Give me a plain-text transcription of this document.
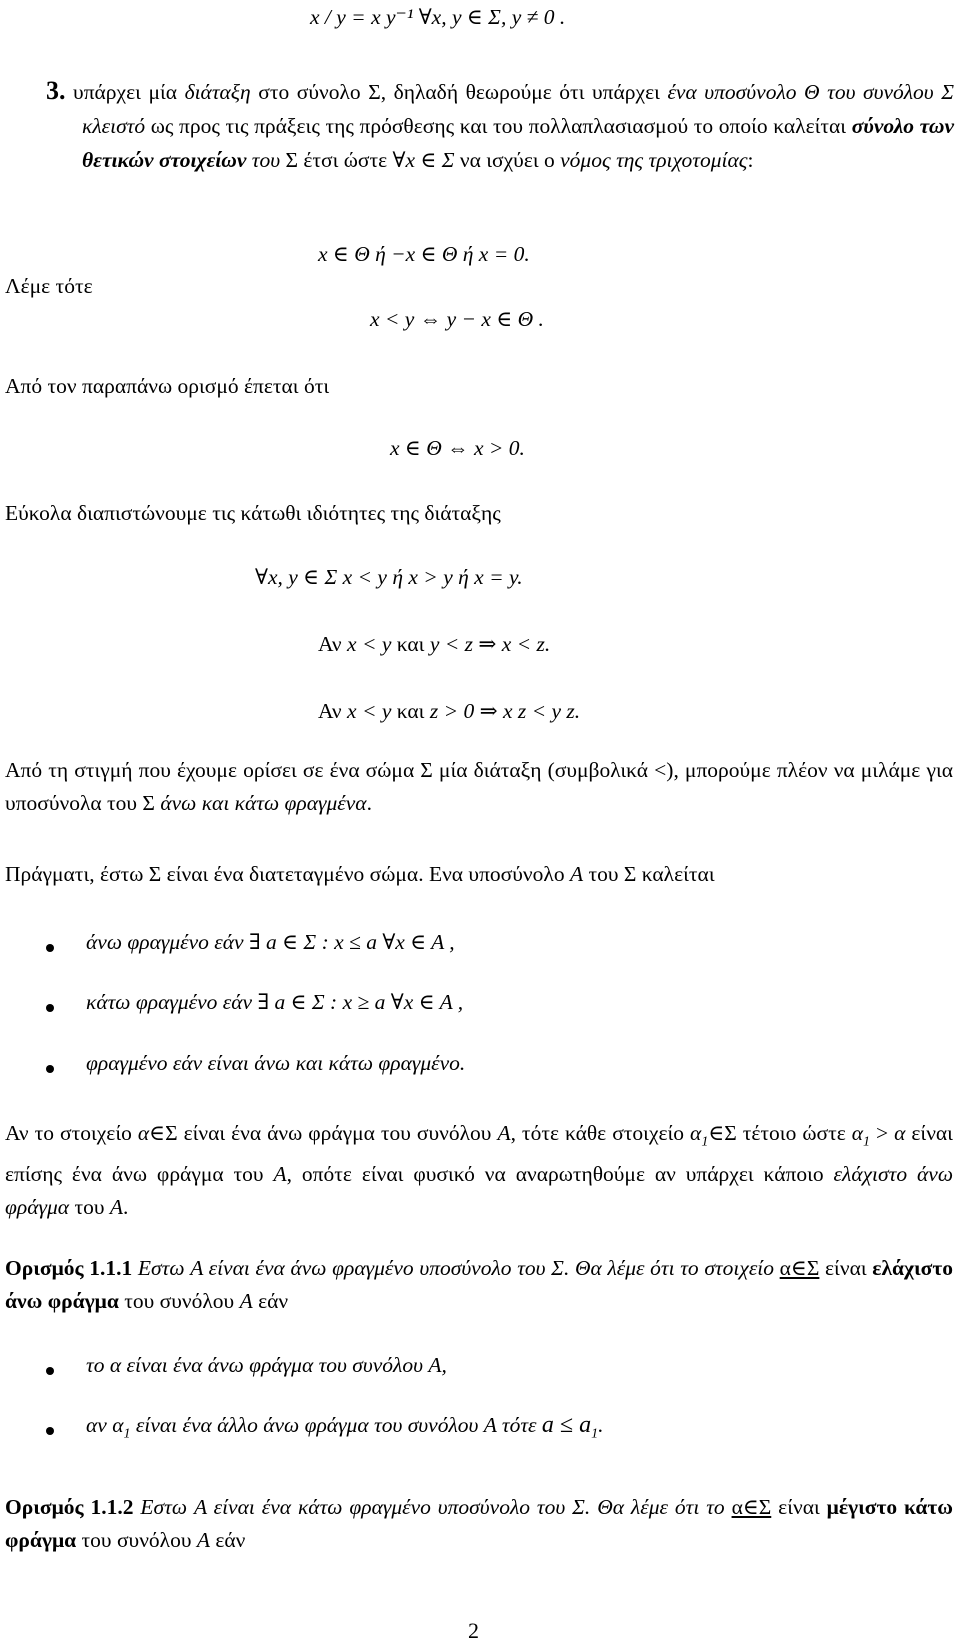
x / y = x y⁻¹ ∀x, y ∈ Σ, y ≠ 0 .
3. υπάρχει μία διάταξη στο σύνολο Σ, δηλαδή θεωρούμε ότι υπάρχει ένα υποσύνολο Θ του συνόλου Σ κλειστό ως προς τις πράξεις της πρόσθεσης και του πολλαπλασιασμού το οποίο καλείται σύνολο των θετικών στοιχείων του Σ έτσι ώστε ∀x ∈ Σ να ισχύει ο νόμος της τριχοτομίας:
x ∈ Θ ή −x ∈ Θ ή x = 0.
Λέμε τότε
x < y ⇔ y − x ∈ Θ .
Από τον παραπάνω ορισμό έπεται ότι
x ∈ Θ ⇔ x > 0.
Εύκολα διαπιστώνουμε τις κάτωθι ιδιότητες της διάταξης
∀x, y ∈ Σ x < y ή x > y ή x = y.
Αν x < y και y < z ⇒ x < z.
Αν x < y και z > 0 ⇒ x z < y z.
Από τη στιγμή που έχουμε ορίσει σε ένα σώμα Σ μία διάταξη (συμβολικά <), μπορούμε πλέον να μιλάμε για υποσύνολα του Σ άνω και κάτω φραγμένα.
Πράγματι, έστω Σ είναι ένα διατεταγμένο σώμα. Ενα υποσύνολο A του Σ καλείται
άνω φραγμένο εάν ∃ a ∈ Σ : x ≤ a ∀x ∈ A ,
κάτω φραγμένο εάν ∃ a ∈ Σ : x ≥ a ∀x ∈ A ,
φραγμένο εάν είναι άνω και κάτω φραγμένο.
Αν το στοιχείο α∈Σ είναι ένα άνω φράγμα του συνόλου A, τότε κάθε στοιχείο $\alpha_1\in\Sigma$ τέτοιο ώστε $\alpha_1 > \alpha$ είναι επίσης ένα άνω φράγμα του A, οπότε είναι φυσικό να αναρωτηθούμε αν υπάρχει κάποιο ελάχιστο άνω φράγμα του A.
Ορισμός 1.1.1 Εστω A είναι ένα άνω φραγμένο υποσύνολο του Σ. Θα λέμε ότι το στοιχείο α∈Σ είναι ελάχιστο άνω φράγμα του συνόλου A εάν
το α είναι ένα άνω φράγμα του συνόλου A,
αν $\alpha_1$ είναι ένα άλλο άνω φράγμα του συνόλου A τότε $a \le a_1$.
Ορισμός 1.1.2 Εστω A είναι ένα κάτω φραγμένο υποσύνολο του Σ. Θα λέμε ότι το α∈Σ είναι μέγιστο κάτω φράγμα του συνόλου A εάν
2
